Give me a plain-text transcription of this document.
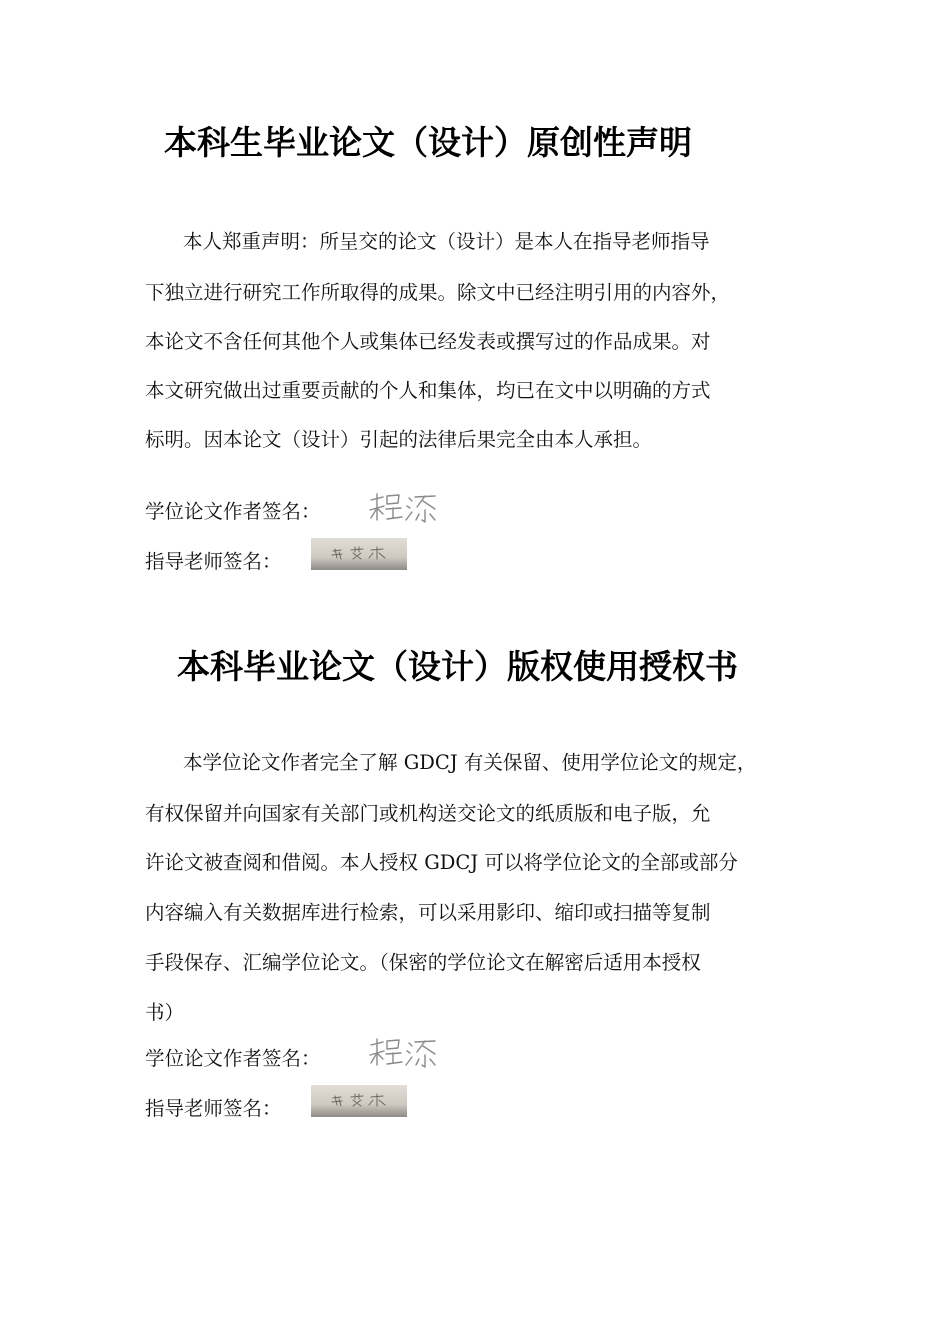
本科生毕业论文（设计）原创性声明

本人郑重声明：所呈交的论文（设计）是本人在指导老师指导

下独立进行研究工作所取得的成果。除文中已经注明引用的内容外，

本论文不含任何其他个人或集体已经发表或撰写过的作品成果。对

本文研究做出过重要贡献的个人和集体，均已在文中以明确的方式

标明。因本论文（设计）引起的法律后果完全由本人承担。

学位论文作者签名：

指导老师签名：

本科毕业论文（设计）版权使用授权书

本学位论文作者完全了解 GDCJ 有关保留、使用学位论文的规定，

有权保留并向国家有关部门或机构送交论文的纸质版和电子版，允

许论文被查阅和借阅。本人授权 GDCJ 可以将学位论文的全部或部分

内容编入有关数据库进行检索，可以采用影印、缩印或扫描等复制

手段保存、汇编学位论文。（保密的学位论文在解密后适用本授权

书）

学位论文作者签名：

指导老师签名：
